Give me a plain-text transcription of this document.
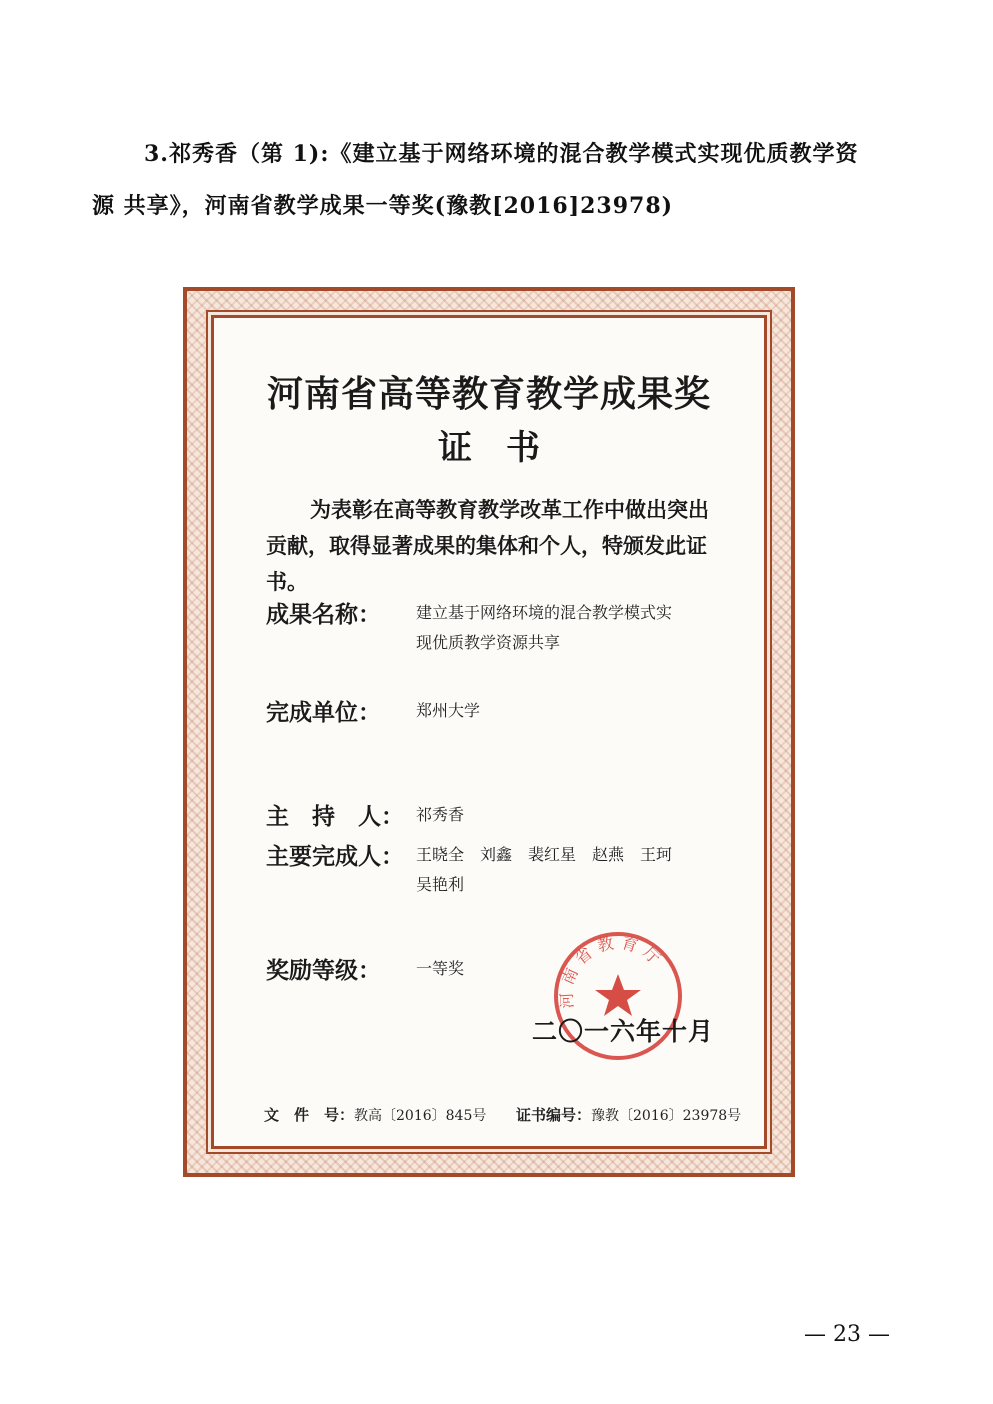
3.祁秀香（第 1):《建立基于网络环境的混合教学模式实现优质教学资
源 共享》，河南省教学成果一等奖(豫教[2016]23978)
河南省高等教育教学成果奖
证书
为表彰在高等教育教学改革工作中做出突出贡献，取得显著成果的集体和个人，特颁发此证书。
成果名称： 建立基于网络环境的混合教学模式实
现优质教学资源共享
完成单位： 郑州大学
主　持　人： 祁秀香
主要完成人： 王晓全　刘鑫　裴红星　赵燕　王珂
吴艳利
奖励等级： 一等奖
河南省教育厅
二〇一六年十月
文　件　号：教高〔2016〕845号 证书编号：豫教〔2016〕23978号
— 23 —
